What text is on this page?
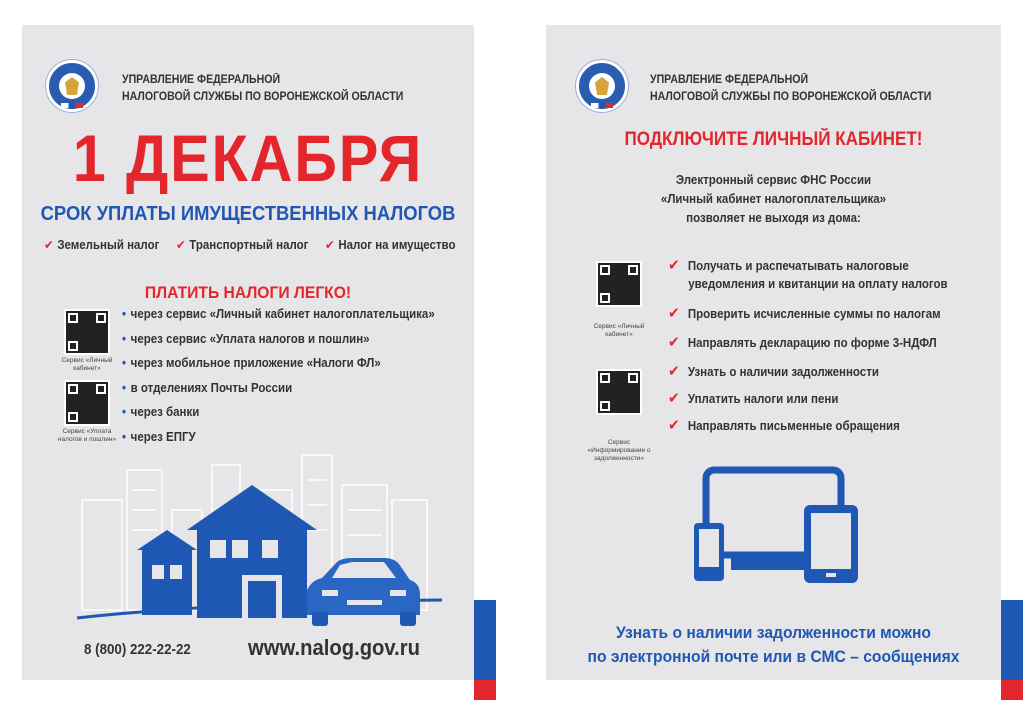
УПРАВЛЕНИЕ ФЕДЕРАЛЬНОЙ
НАЛОГОВОЙ СЛУЖБЫ ПО ВОРОНЕЖСКОЙ ОБЛАСТИ
1 ДЕКАБРЯ
СРОК УПЛАТЫ ИМУЩЕСТВЕННЫХ НАЛОГОВ
✔ Земельный налог ✔ Транспортный налог ✔ Налог на имущество
ПЛАТИТЬ НАЛОГИ ЛЕГКО!
Сервис «Личный кабинет»
Сервис «Уплата налогов и пошлин»
• через сервис «Личный кабинет налогоплательщика»
• через сервис «Уплата налогов и пошлин»
• через мобильное приложение «Налоги ФЛ»
• в отделениях Почты России
• через банки
• через ЕПГУ
8 (800) 222-22-22	www.nalog.gov.ru
УПРАВЛЕНИЕ ФЕДЕРАЛЬНОЙ
НАЛОГОВОЙ СЛУЖБЫ ПО ВОРОНЕЖСКОЙ ОБЛАСТИ
ПОДКЛЮЧИТЕ ЛИЧНЫЙ КАБИНЕТ!
Электронный сервис ФНС России
«Личный кабинет налогоплательщика»
позволяет не выходя из дома:
Сервис «Личный кабинет»
Сервис «Информирование о задолженности»
✔ Получать и распечатывать налоговые
уведомления и квитанции на оплату налогов
✔ Проверить исчисленные суммы по налогам
✔ Направлять декларацию по форме 3-НДФЛ
✔ Узнать о наличии задолженности
✔ Уплатить налоги или пени
✔ Направлять письменные обращения
Узнать о наличии задолженности можно
по электронной почте или в СМС – сообщениях
